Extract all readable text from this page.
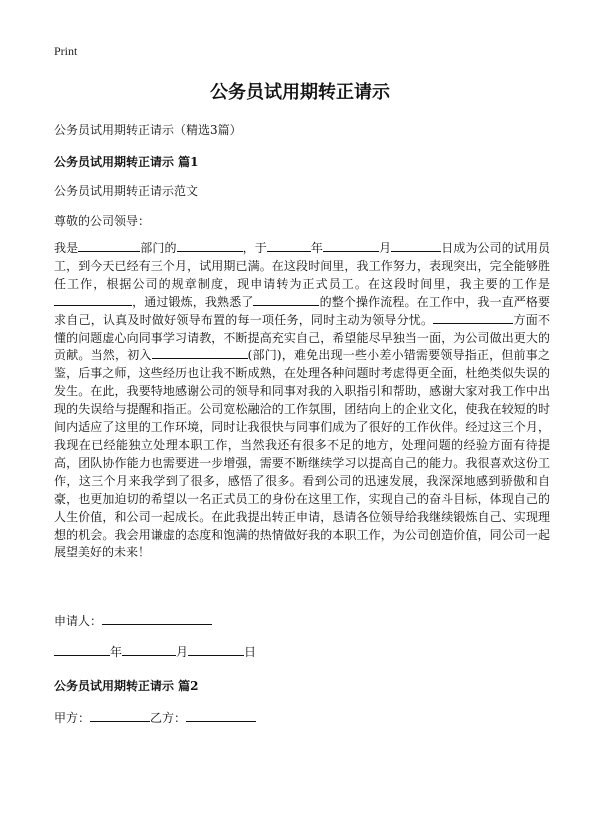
Print
公务员试用期转正请示
公务员试用期转正请示（精选3篇）
公务员试用期转正请示 篇1
公务员试用期转正请示范文
尊敬的公司领导：

我是	部门的	，于	年	月	日成为公司的试用员工，到今天已经有三个月，试用期已满。在这段时间里，我工作努力，表现突出，完全能够胜任工作，根据公司的规章制度，现申请转为正式员工。在这段时间里，我主要的工作是，通过锻炼，我熟悉了	的整个操作流程。在工作中，我一直严格要求自己，认真及时做好领导布置的每一项任务，同时主动为领导分忧。	方面不懂的问题虚心向同事学习请教，不断提高充实自己，希望能尽早独当一面，为公司做出更大的贡献。当然，初入	(部门)，难免出现一些小差小错需要领导指正，但前事之鉴，后事之师，这些经历也让我不断成熟，在处理各种问题时考虑得更全面，杜绝类似失误的发生。在此，我要特地感谢公司的领导和同事对我的入职指引和帮助，感谢大家对我工作中出现的失误给与提醒和指正。公司宽松融洽的工作氛围，团结向上的企业文化，使我在较短的时间内适应了这里的工作环境，同时让我很快与同事们成为了很好的工作伙伴。经过这三个月，我现在已经能独立处理本职工作，当然我还有很多不足的地方，处理问题的经验方面有待提高，团队协作能力也需要进一步增强，需要不断继续学习以提高自己的能力。我很喜欢这份工作，这三个月来我学到了很多，感悟了很多。看到公司的迅速发展，我深深地感到骄傲和自豪，也更加迫切的希望以一名正式员工的身份在这里工作，实现自己的奋斗目标，体现自己的人生价值，和公司一起成长。在此我提出转正申请，恳请各位领导给我继续锻炼自己、实现理想的机会。我会用谦虚的态度和饱满的热情做好我的本职工作，为公司创造价值，同公司一起展望美好的未来！

申请人：
年	月	日
公务员试用期转正请示 篇2
甲方：	乙方：
